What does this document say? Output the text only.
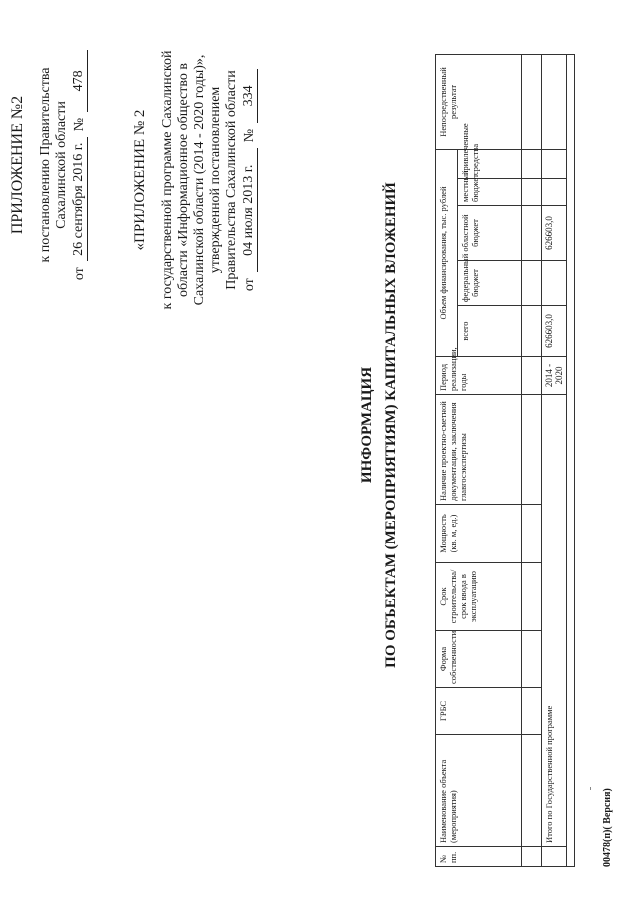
ПРИЛОЖЕНИЕ №2 к постановлению Правительства Сахалинской области
от
26 сентября 2016 г.
№
478
«ПРИЛОЖЕНИЕ № 2 к государственной программе Сахалинской области «Информационное общество в Сахалинской области (2014 - 2020 годы)», утвержденной постановлением Правительства Сахалинской области от
04 июля 2013 г.
№
334
ИНФОРМАЦИЯ ПО ОБЪЕКТАМ (МЕРОПРИЯТИЯМ) КАПИТАЛЬНЫХ ВЛОЖЕНИЙ
№ пп.	Наименование объекта (мероприятия)	ГРБС	Форма собственности	Срок строительства/срок ввода в эксплуатацию	Мощность (кв. м, ед.)	Наличие проектно-сметной документации, заключения главгосэкспертизы	Период реализации, годы	Объем финансирования, тыс. рублей					Непосредственный результат
								всего	федеральный бюджет	областной бюджет	местный бюджет	привлеченные средства	

	Итого по Государственной программе						2014 - 2020	626603,0		626603,0			

00478(п)( Версия)
